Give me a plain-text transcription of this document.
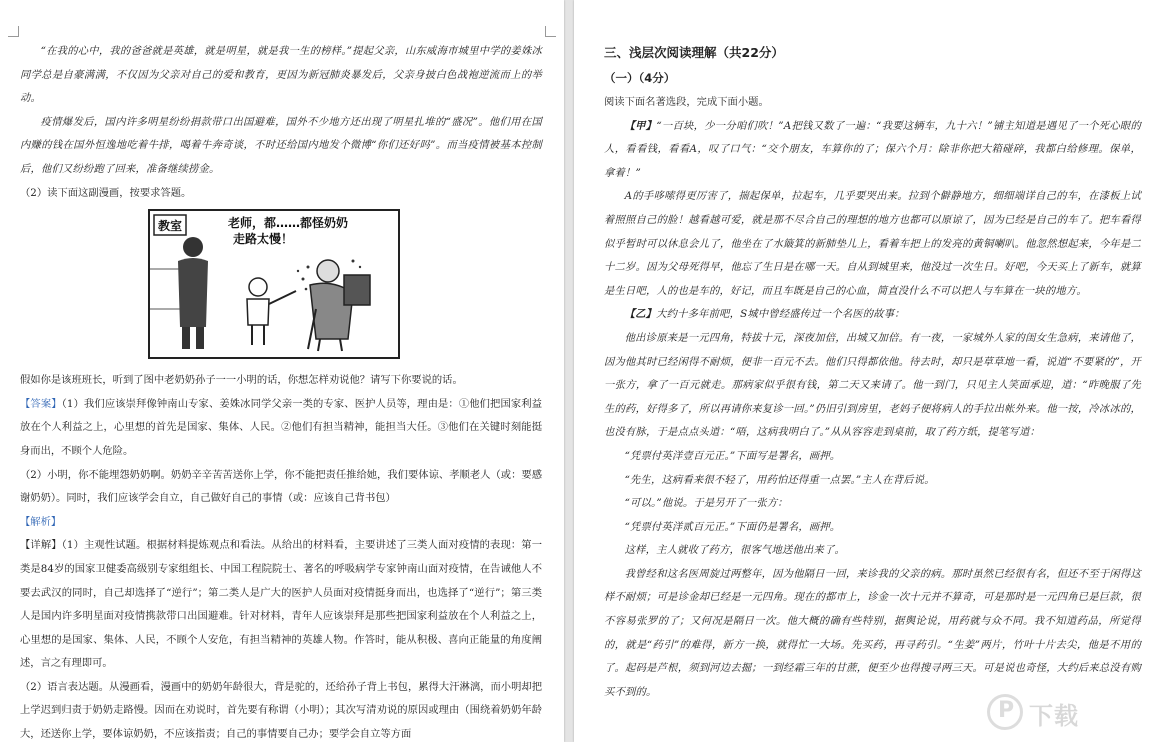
“在我的心中，我的爸爸就是英雄，就是明星，就是我一生的榜样。”提起父亲，山东威海市城里中学的姜姝冰同学总是自豪满满，不仅因为父亲对自己的爱和教育，更因为新冠肺炎暴发后，父亲身披白色战袍逆流而上的举动。

疫情爆发后，国内许多明星纷纷捐款带口出国避难，国外不少地方还出现了明星扎堆的“盛况”。他们用在国内赚的钱在国外恒逸地吃着牛排，喝着牛奔奇谈，不时还给国内地发个微博“你们还好吗”。而当疫情被基本控制后，他们又纷纷跑了回来，准备继续捞金。

（2）读下面这副漫画，按要求答题。

教室	老师，都……都怪奶奶
走路太慢！

假如你是该班班长，听到了图中老奶奶孙子一一小明的话，你想怎样劝说他？请写下你要说的话。

【答案】（1）我们应该崇拜像钟南山专家、姜姝冰同学父亲一类的专家、医护人员等，理由是：①他们把国家利益放在个人利益之上，心里想的首先是国家、集体、人民。②他们有担当精神，能担当大任。③他们在关键时刻能挺身而出，不顾个人危险。

（2）小明，你不能埋怨奶奶啊。奶奶辛辛苦苦送你上学，你不能把责任推给她，我们要体谅、孝顺老人（或：要感谢奶奶）。同时，我们应该学会自立，自己做好自己的事情（或：应该自己背书包）

【解析】

【详解】（1）主观性试题。根据材料提炼观点和看法。从给出的材料看，主要讲述了三类人面对疫情的表现：第一类是84岁的国家卫健委高级别专家组组长、中国工程院院士、著名的呼吸病学专家钟南山面对疫情，在告诫他人不要去武汉的同时，自己却选择了“逆行”；第二类人是广大的医护人员面对疫情挺身而出，也选择了“逆行”；第三类人是国内许多明星面对疫情携款带口出国避难。针对材料，青年人应该崇拜是那些把国家利益放在个人利益之上，心里想的是国家、集体、人民，不顾个人安危，有担当精神的英雄人物。作答时，能从积极、喜向正能量的角度阐述，言之有理即可。

（2）语言表达题。从漫画看，漫画中的奶奶年龄很大，背是驼的，还给孙子背上书包，累得大汗淋漓，而小明却把上学迟到归责于奶奶走路慢。因而在劝说时，首先要有称谓（小明）；其次写清劝说的原因或理由（围绕着奶奶年龄大，还送你上学，要体谅奶奶，不应该指责；自己的事情要自己办；要学会自立等方面

三、浅层次阅读理解（共22分）

（一）（4分）

阅读下面名著选段，完成下面小题。

【甲】“一百块，少一分咱们吹！”A把钱又数了一遍：“我要这辆车，九十六！”铺主知道是遇见了一个死心眼的人，看看钱，看看A，叹了口气：“交个朋友，车算你的了；保六个月：除非你把大箱碰碎，我都白给修理。保单，拿着！”

A的手哆嗦得更厉害了，揣起保单，拉起车，几乎要哭出来。拉到个僻静地方，细细端详自己的车，在漆板上试着照照自己的脸！越看越可爱，就是那不尽合自己的理想的地方也都可以原谅了，因为已经是自己的车了。把车看得似乎暂时可以休息会儿了，他坐在了水簸箕的新肺垫儿上，看着车把上的发亮的黄铜喇叭。他忽然想起来，今年是二十二岁。因为父母死得早，他忘了生日是在哪一天。自从到城里来，他没过一次生日。好吧，今天买上了新车，就算是生日吧，人的也是车的，好记，而且车既是自己的心血，简直没什么不可以把人与车算在一块的地方。

【乙】大约十多年前吧，S城中曾经盛传过一个名医的故事：

他出诊原来是一元四角，特拔十元，深夜加倍，出城又加倍。有一夜，一家城外人家的闺女生急病，来请他了，因为他其时已经闲得不耐烦，便非一百元不去。他们只得都依他。待去时，却只是草草地一看，说道“不要紧的”，开一张方，拿了一百元就走。那病家似乎很有钱，第二天又来请了。他一到门，只见主人笑面承迎，道：“昨晚服了先生的药，好得多了，所以再请你来复诊一回。”仍旧引到房里，老妈子便将病人的手拉出帐外来。他一按，冷冰冰的，也没有脉，于是点点头道：“唔，这病我明白了。”从从容容走到桌前，取了药方纸，提笔写道：

“凭票付英洋壹百元正。”下面写是署名，画押。

“先生，这病看来很不轻了，用药怕还得重一点罢。”主人在背后说。

“可以。”他说。于是另开了一张方：

“凭票付英洋贰百元正。”下面仍是署名，画押。

这样，主人就收了药方，很客气地送他出来了。

我曾经和这名医周旋过两整年，因为他隔日一回，来诊我的父亲的病。那时虽然已经很有名，但还不至于闲得这样不耐烦；可是诊金却已经是一元四角。现在的都市上，诊金一次十元并不算奇，可是那时是一元四角已是巨款，很不容易张罗的了；又何况是隔日一次。他大概的确有些特别，据舆论说，用药就与众不同。我不知道药品，所觉得的，就是“药引”的难得，新方一换，就得忙一大场。先买药，再寻药引。“生姜”两片，竹叶十片去尖，他是不用的了。起码是芦根，须到河边去掘；一到经霜三年的甘蔗，便至少也得搜寻两三天。可是说也奇怪，大约后来总没有购买不到的。

P 下载
